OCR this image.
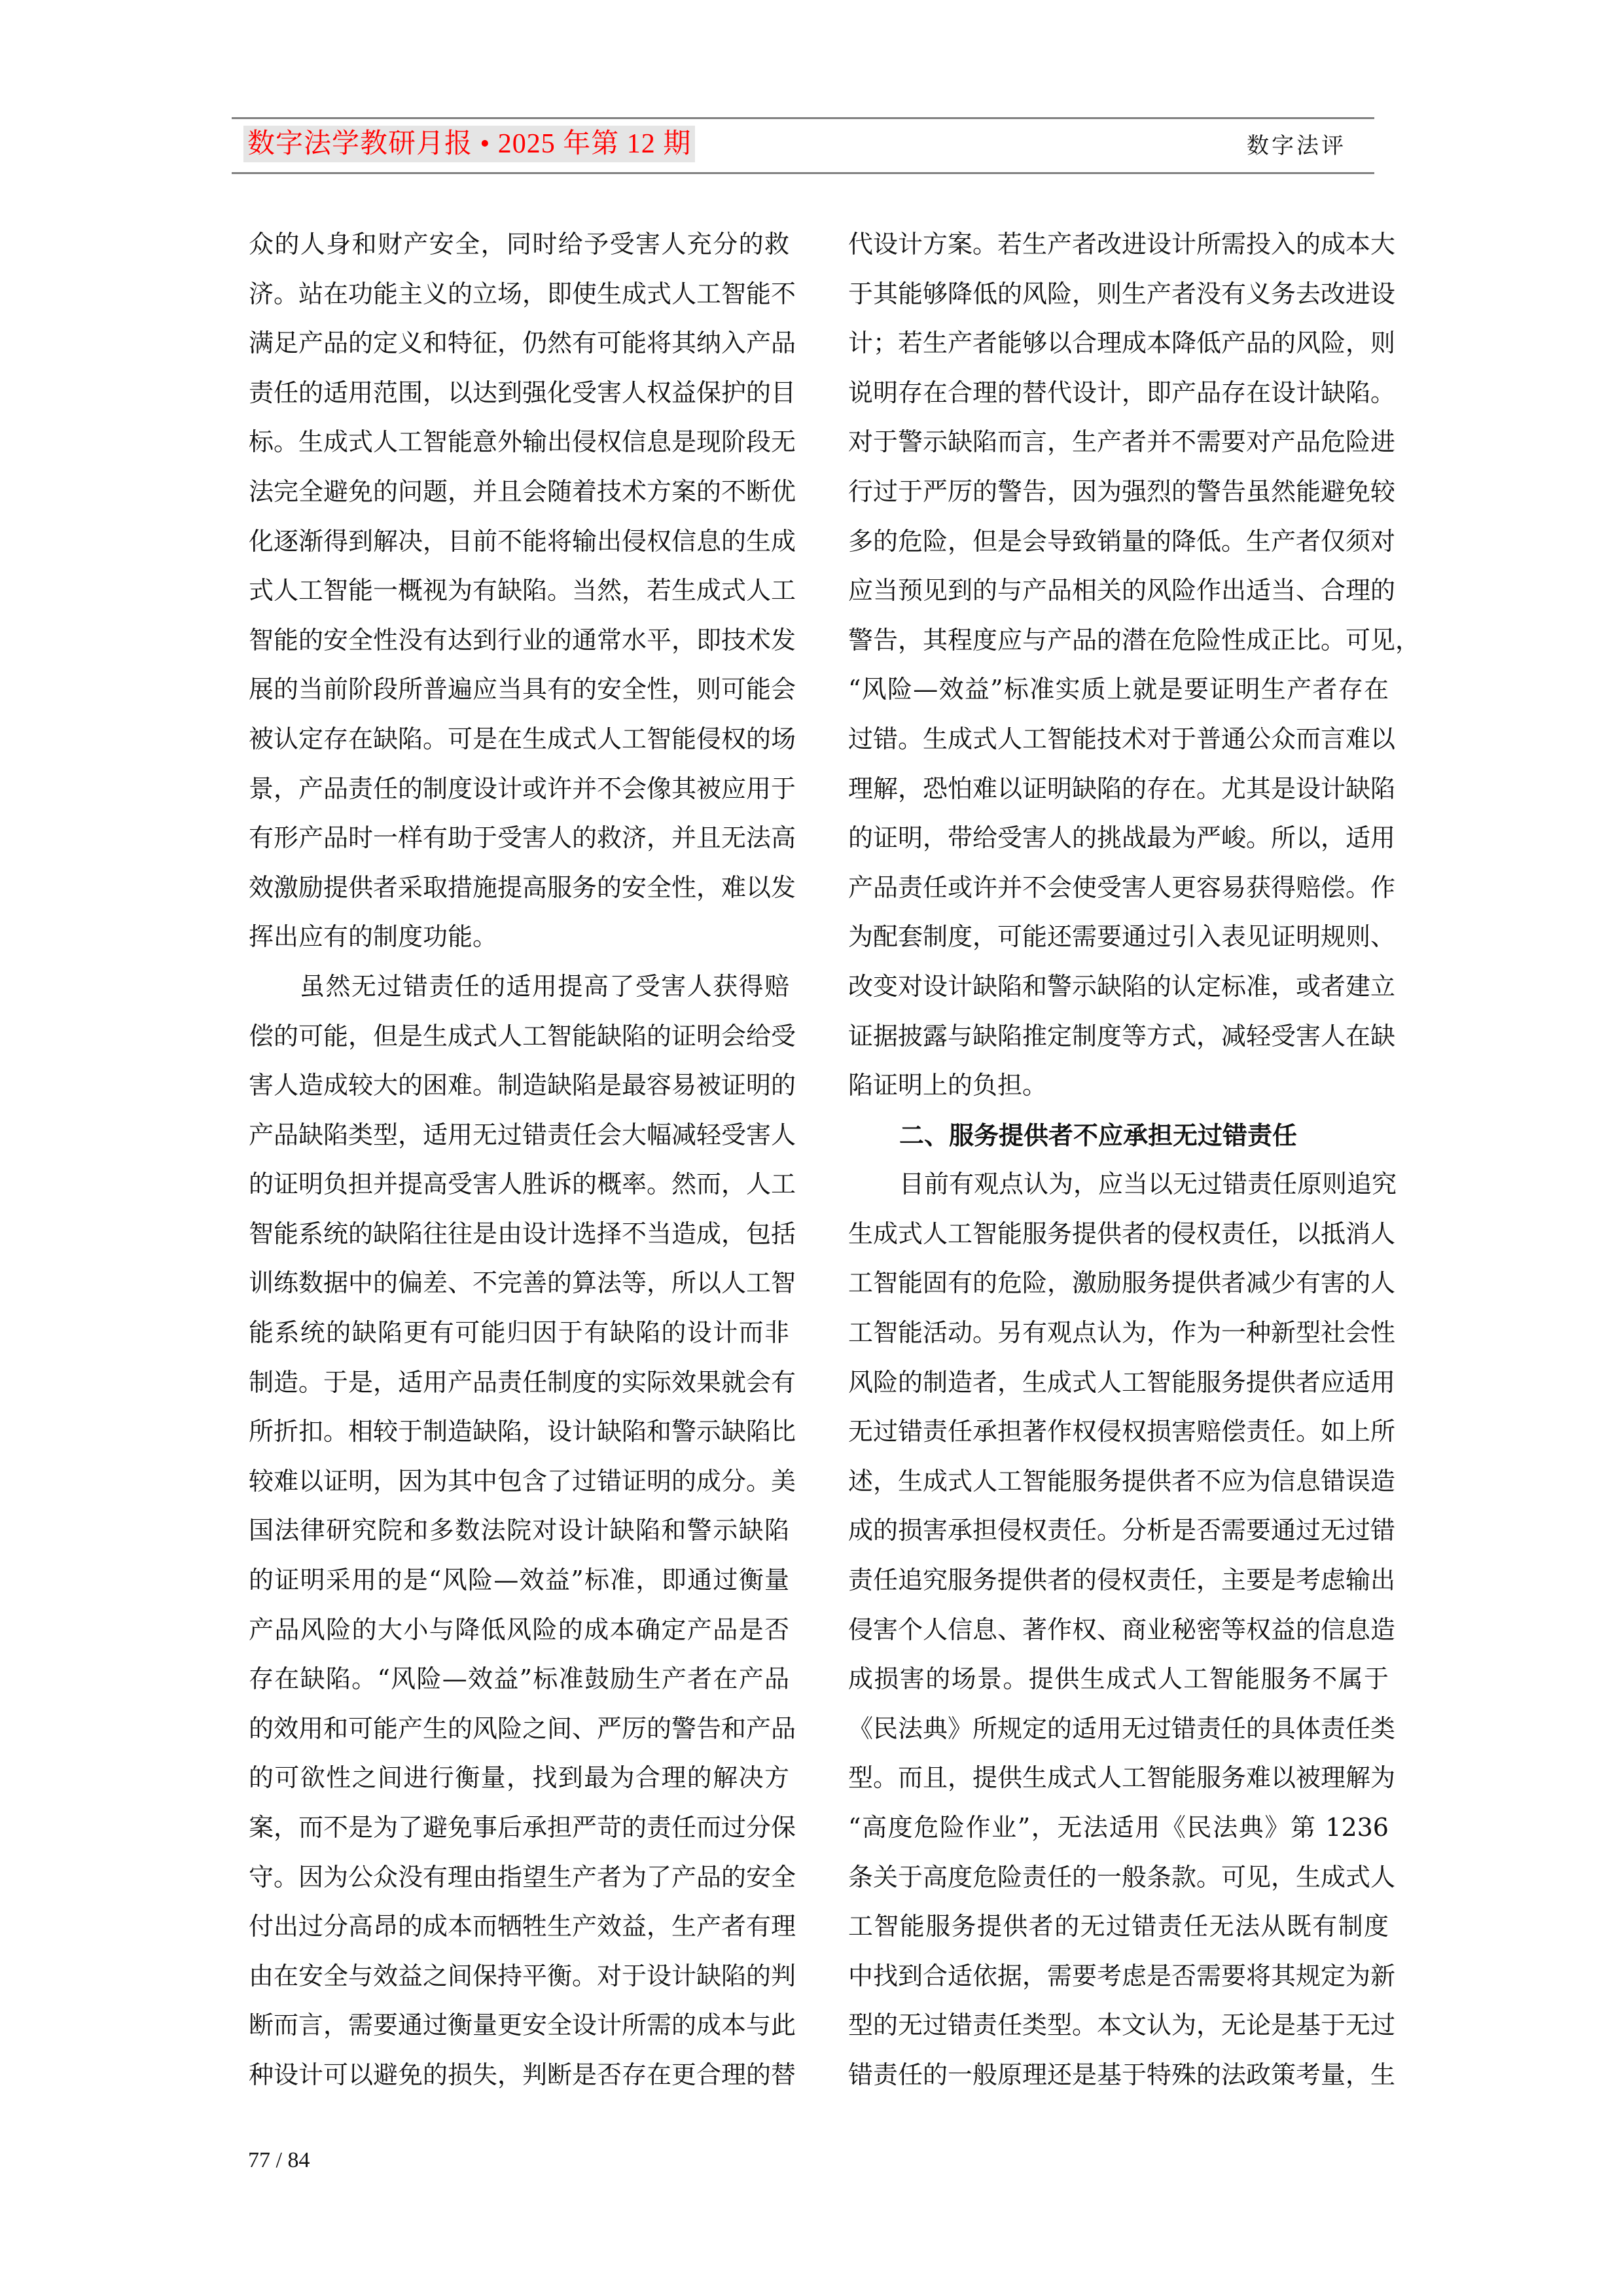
数字法学教研月报 • 2025 年第 12 期	数字法评
众的人身和财产安全，同时给予受害人充分的救
济。站在功能主义的立场，即使生成式人工智能不
满足产品的定义和特征，仍然有可能将其纳入产品
责任的适用范围，以达到强化受害人权益保护的目
标。生成式人工智能意外输出侵权信息是现阶段无
法完全避免的问题，并且会随着技术方案的不断优
化逐渐得到解决，目前不能将输出侵权信息的生成
式人工智能一概视为有缺陷。当然，若生成式人工
智能的安全性没有达到行业的通常水平，即技术发
展的当前阶段所普遍应当具有的安全性，则可能会
被认定存在缺陷。可是在生成式人工智能侵权的场
景，产品责任的制度设计或许并不会像其被应用于
有形产品时一样有助于受害人的救济，并且无法高
效激励提供者采取措施提高服务的安全性，难以发
挥出应有的制度功能。
虽然无过错责任的适用提高了受害人获得赔
偿的可能，但是生成式人工智能缺陷的证明会给受
害人造成较大的困难。制造缺陷是最容易被证明的
产品缺陷类型，适用无过错责任会大幅减轻受害人
的证明负担并提高受害人胜诉的概率。然而，人工
智能系统的缺陷往往是由设计选择不当造成，包括
训练数据中的偏差、不完善的算法等，所以人工智
能系统的缺陷更有可能归因于有缺陷的设计而非
制造。于是，适用产品责任制度的实际效果就会有
所折扣。相较于制造缺陷，设计缺陷和警示缺陷比
较难以证明，因为其中包含了过错证明的成分。美
国法律研究院和多数法院对设计缺陷和警示缺陷
的证明采用的是“风险—效益”标准，即通过衡量
产品风险的大小与降低风险的成本确定产品是否
存在缺陷。“风险—效益”标准鼓励生产者在产品
的效用和可能产生的风险之间、严厉的警告和产品
的可欲性之间进行衡量，找到最为合理的解决方
案，而不是为了避免事后承担严苛的责任而过分保
守。因为公众没有理由指望生产者为了产品的安全
付出过分高昂的成本而牺牲生产效益，生产者有理
由在安全与效益之间保持平衡。对于设计缺陷的判
断而言，需要通过衡量更安全设计所需的成本与此
种设计可以避免的损失，判断是否存在更合理的替
代设计方案。若生产者改进设计所需投入的成本大
于其能够降低的风险，则生产者没有义务去改进设
计；若生产者能够以合理成本降低产品的风险，则
说明存在合理的替代设计，即产品存在设计缺陷。
对于警示缺陷而言，生产者并不需要对产品危险进
行过于严厉的警告，因为强烈的警告虽然能避免较
多的危险，但是会导致销量的降低。生产者仅须对
应当预见到的与产品相关的风险作出适当、合理的
警告，其程度应与产品的潜在危险性成正比。可见，
“风险—效益”标准实质上就是要证明生产者存在
过错。生成式人工智能技术对于普通公众而言难以
理解，恐怕难以证明缺陷的存在。尤其是设计缺陷
的证明，带给受害人的挑战最为严峻。所以，适用
产品责任或许并不会使受害人更容易获得赔偿。作
为配套制度，可能还需要通过引入表见证明规则、
改变对设计缺陷和警示缺陷的认定标准，或者建立
证据披露与缺陷推定制度等方式，减轻受害人在缺
陷证明上的负担。
二、服务提供者不应承担无过错责任
目前有观点认为，应当以无过错责任原则追究
生成式人工智能服务提供者的侵权责任，以抵消人
工智能固有的危险，激励服务提供者减少有害的人
工智能活动。另有观点认为，作为一种新型社会性
风险的制造者，生成式人工智能服务提供者应适用
无过错责任承担著作权侵权损害赔偿责任。如上所
述，生成式人工智能服务提供者不应为信息错误造
成的损害承担侵权责任。分析是否需要通过无过错
责任追究服务提供者的侵权责任，主要是考虑输出
侵害个人信息、著作权、商业秘密等权益的信息造
成损害的场景。提供生成式人工智能服务不属于
《民法典》所规定的适用无过错责任的具体责任类
型。而且，提供生成式人工智能服务难以被理解为
“高度危险作业”，无法适用《民法典》第 1236
条关于高度危险责任的一般条款。可见，生成式人
工智能服务提供者的无过错责任无法从既有制度
中找到合适依据，需要考虑是否需要将其规定为新
型的无过错责任类型。本文认为，无论是基于无过
错责任的一般原理还是基于特殊的法政策考量，生
77 / 84
